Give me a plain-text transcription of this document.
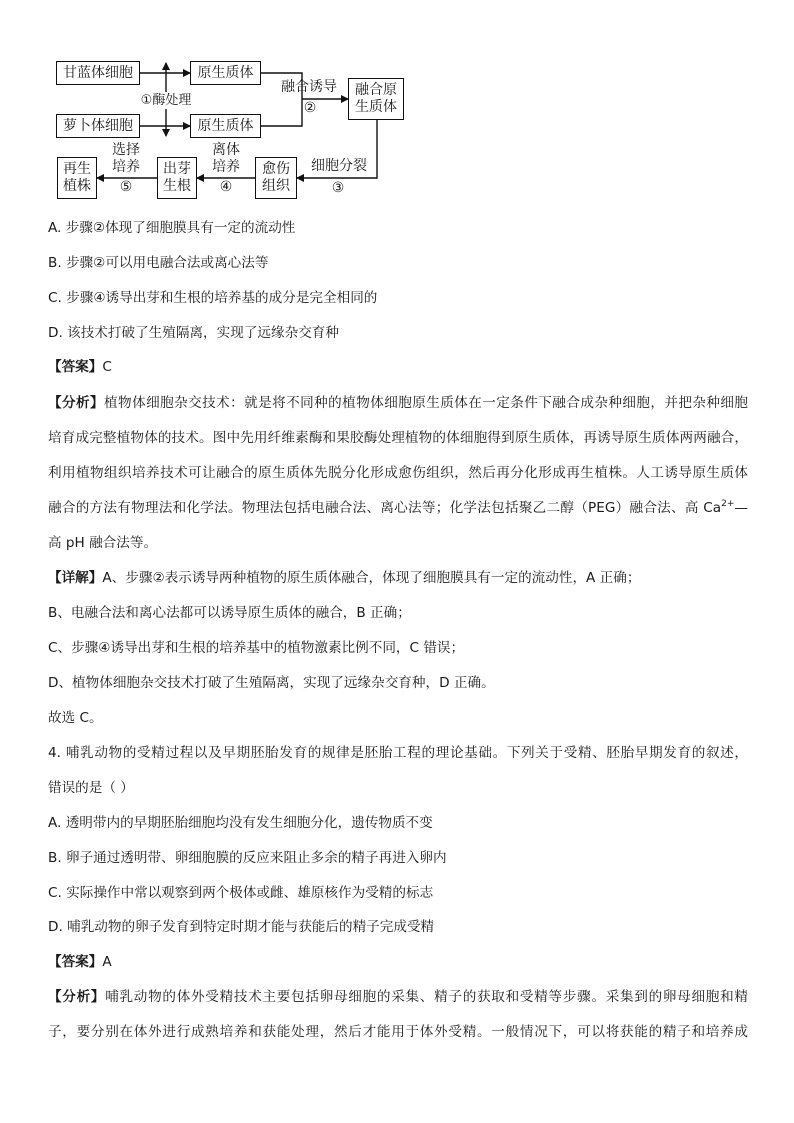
甘蓝体细胞
萝卜体细胞
原生质体
原生质体
融合原
生质体
愈伤
组织
出芽
生根
再生
植株
①酶处理
融合诱导
②
细胞分裂
③
离体
培养
④
选择
培养
⑤
A. 步骤②体现了细胞膜具有一定的流动性
B. 步骤②可以用电融合法或离心法等
C. 步骤④诱导出芽和生根的培养基的成分是完全相同的
D. 该技术打破了生殖隔离，实现了远缘杂交育种
【答案】C
【分析】植物体细胞杂交技术：就是将不同种的植物体细胞原生质体在一定条件下融合成杂种细胞，并把杂种细胞
培育成完整植物体的技术。图中先用纤维素酶和果胶酶处理植物的体细胞得到原生质体，再诱导原生质体两两融合，
利用植物组织培养技术可让融合的原生质体先脱分化形成愈伤组织，然后再分化形成再生植株。人工诱导原生质体
融合的方法有物理法和化学法。物理法包括电融合法、离心法等；化学法包括聚乙二醇（PEG）融合法、高 $Ca^{2+}—$
高 pH 融合法等。
【详解】A、步骤②表示诱导两种植物的原生质体融合，体现了细胞膜具有一定的流动性，A 正确；
B、电融合法和离心法都可以诱导原生质体的融合，B 正确；
C、步骤④诱导出芽和生根的培养基中的植物激素比例不同，C 错误；
D、植物体细胞杂交技术打破了生殖隔离，实现了远缘杂交育种，D 正确。
故选 C。
4. 哺乳动物的受精过程以及早期胚胎发育的规律是胚胎工程的理论基础。下列关于受精、胚胎早期发育的叙述，
错误的是（ ）
A. 透明带内的早期胚胎细胞均没有发生细胞分化，遗传物质不变
B. 卵子通过透明带、卵细胞膜的反应来阻止多余的精子再进入卵内
C. 实际操作中常以观察到两个极体或雌、雄原核作为受精的标志
D. 哺乳动物的卵子发育到特定时期才能与获能后的精子完成受精
【答案】A
【分析】哺乳动物的体外受精技术主要包括卵母细胞的采集、精子的获取和受精等步骤。采集到的卵母细胞和精
子，要分别在体外进行成熟培养和获能处理，然后才能用于体外受精。一般情况下，可以将获能的精子和培养成
